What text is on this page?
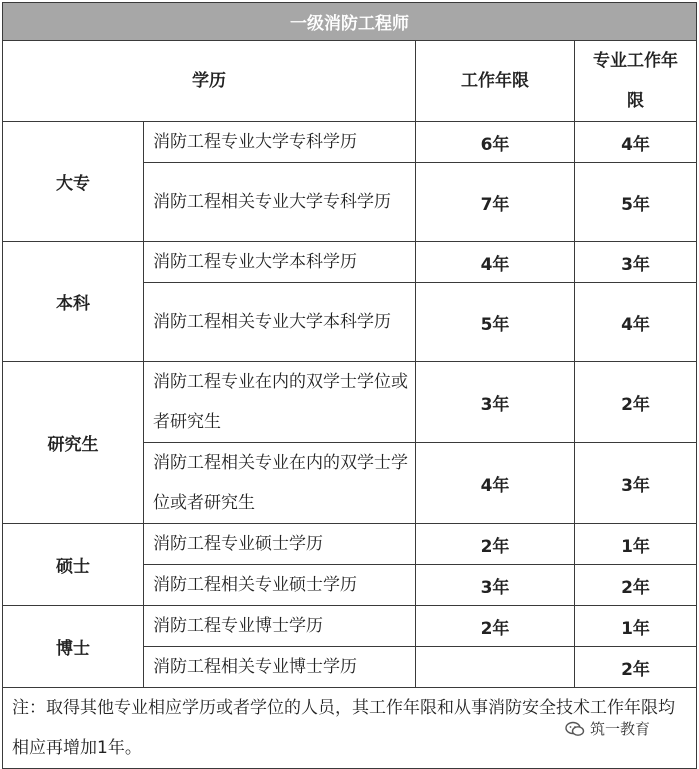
一级消防工程师			
学历		工作年限	专业工作年
限
大专	消防工程专业大学专科学历	6年	4年
	消防工程相关专业大学专科学历	7年	5年
本科	消防工程专业大学本科学历	4年	3年
	消防工程相关专业大学本科学历	5年	4年
研究生	消防工程专业在内的双学士学位或者研究生	3年	2年
	消防工程相关专业在内的双学士学位或者研究生	4年	3年
硕士	消防工程专业硕士学历	2年	1年
	消防工程相关专业硕士学历	3年	2年
博士	消防工程专业博士学历	2年	1年
	消防工程相关专业博士学历		2年
注：取得其他专业相应学历或者学位的人员，其工作年限和从事消防安全技术工作年限均相应再增加1年。			
筑一教育
